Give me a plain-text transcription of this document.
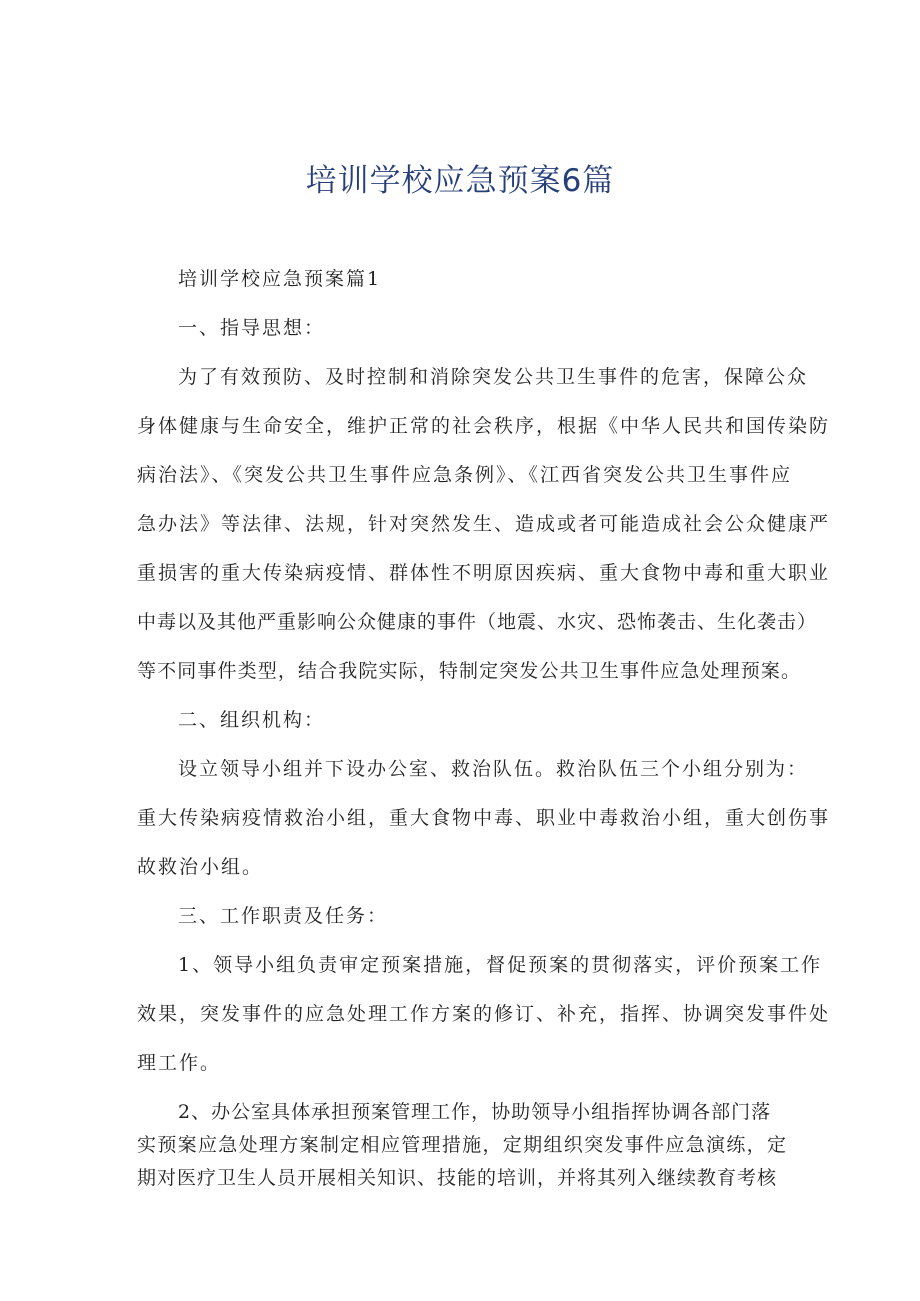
培训学校应急预案6篇
培训学校应急预案篇1
一、指导思想：
为了有效预防、及时控制和消除突发公共卫生事件的危害，保障公众
身体健康与生命安全，维护正常的社会秩序，根据《中华人民共和国传染防
病治法》、《突发公共卫生事件应急条例》、《江西省突发公共卫生事件应
急办法》等法律、法规，针对突然发生、造成或者可能造成社会公众健康严
重损害的重大传染病疫情、群体性不明原因疾病、重大食物中毒和重大职业
中毒以及其他严重影响公众健康的事件（地震、水灾、恐怖袭击、生化袭击）
等不同事件类型，结合我院实际，特制定突发公共卫生事件应急处理预案。
二、组织机构：
设立领导小组并下设办公室、救治队伍。救治队伍三个小组分别为：
重大传染病疫情救治小组，重大食物中毒、职业中毒救治小组，重大创伤事
故救治小组。
三、工作职责及任务：
1、领导小组负责审定预案措施，督促预案的贯彻落实，评价预案工作
效果，突发事件的应急处理工作方案的修订、补充，指挥、协调突发事件处
理工作。
2、办公室具体承担预案管理工作，协助领导小组指挥协调各部门落
实预案应急处理方案制定相应管理措施，定期组织突发事件应急演练，定
期对医疗卫生人员开展相关知识、技能的培训，并将其列入继续教育考核
